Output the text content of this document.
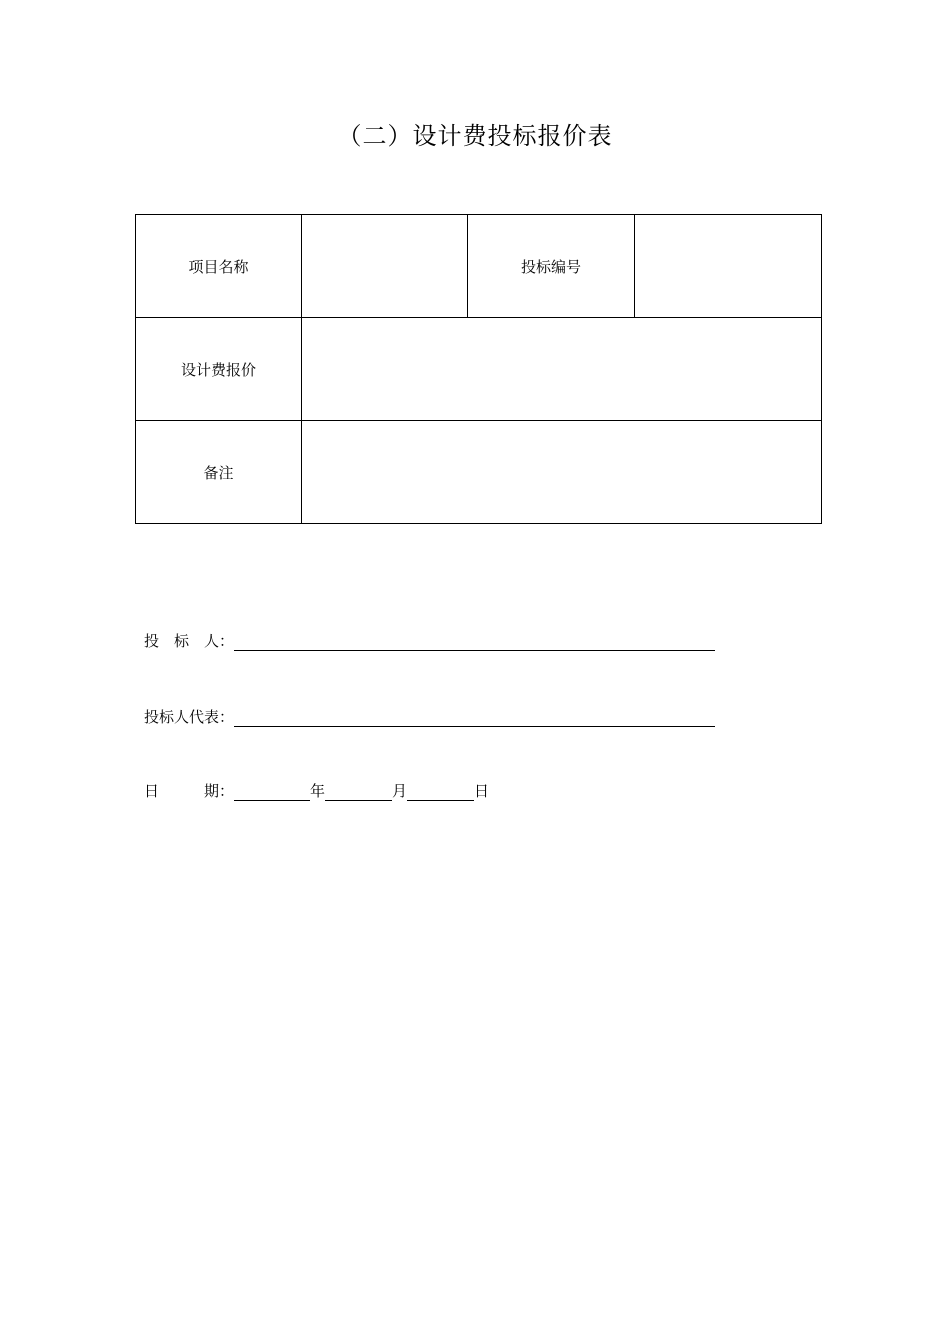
（二）设计费投标报价表
项目名称		投标编号	
设计费报价			
备注			
投　标　人：
投标人代表：
日　　　期：	年	月	日
